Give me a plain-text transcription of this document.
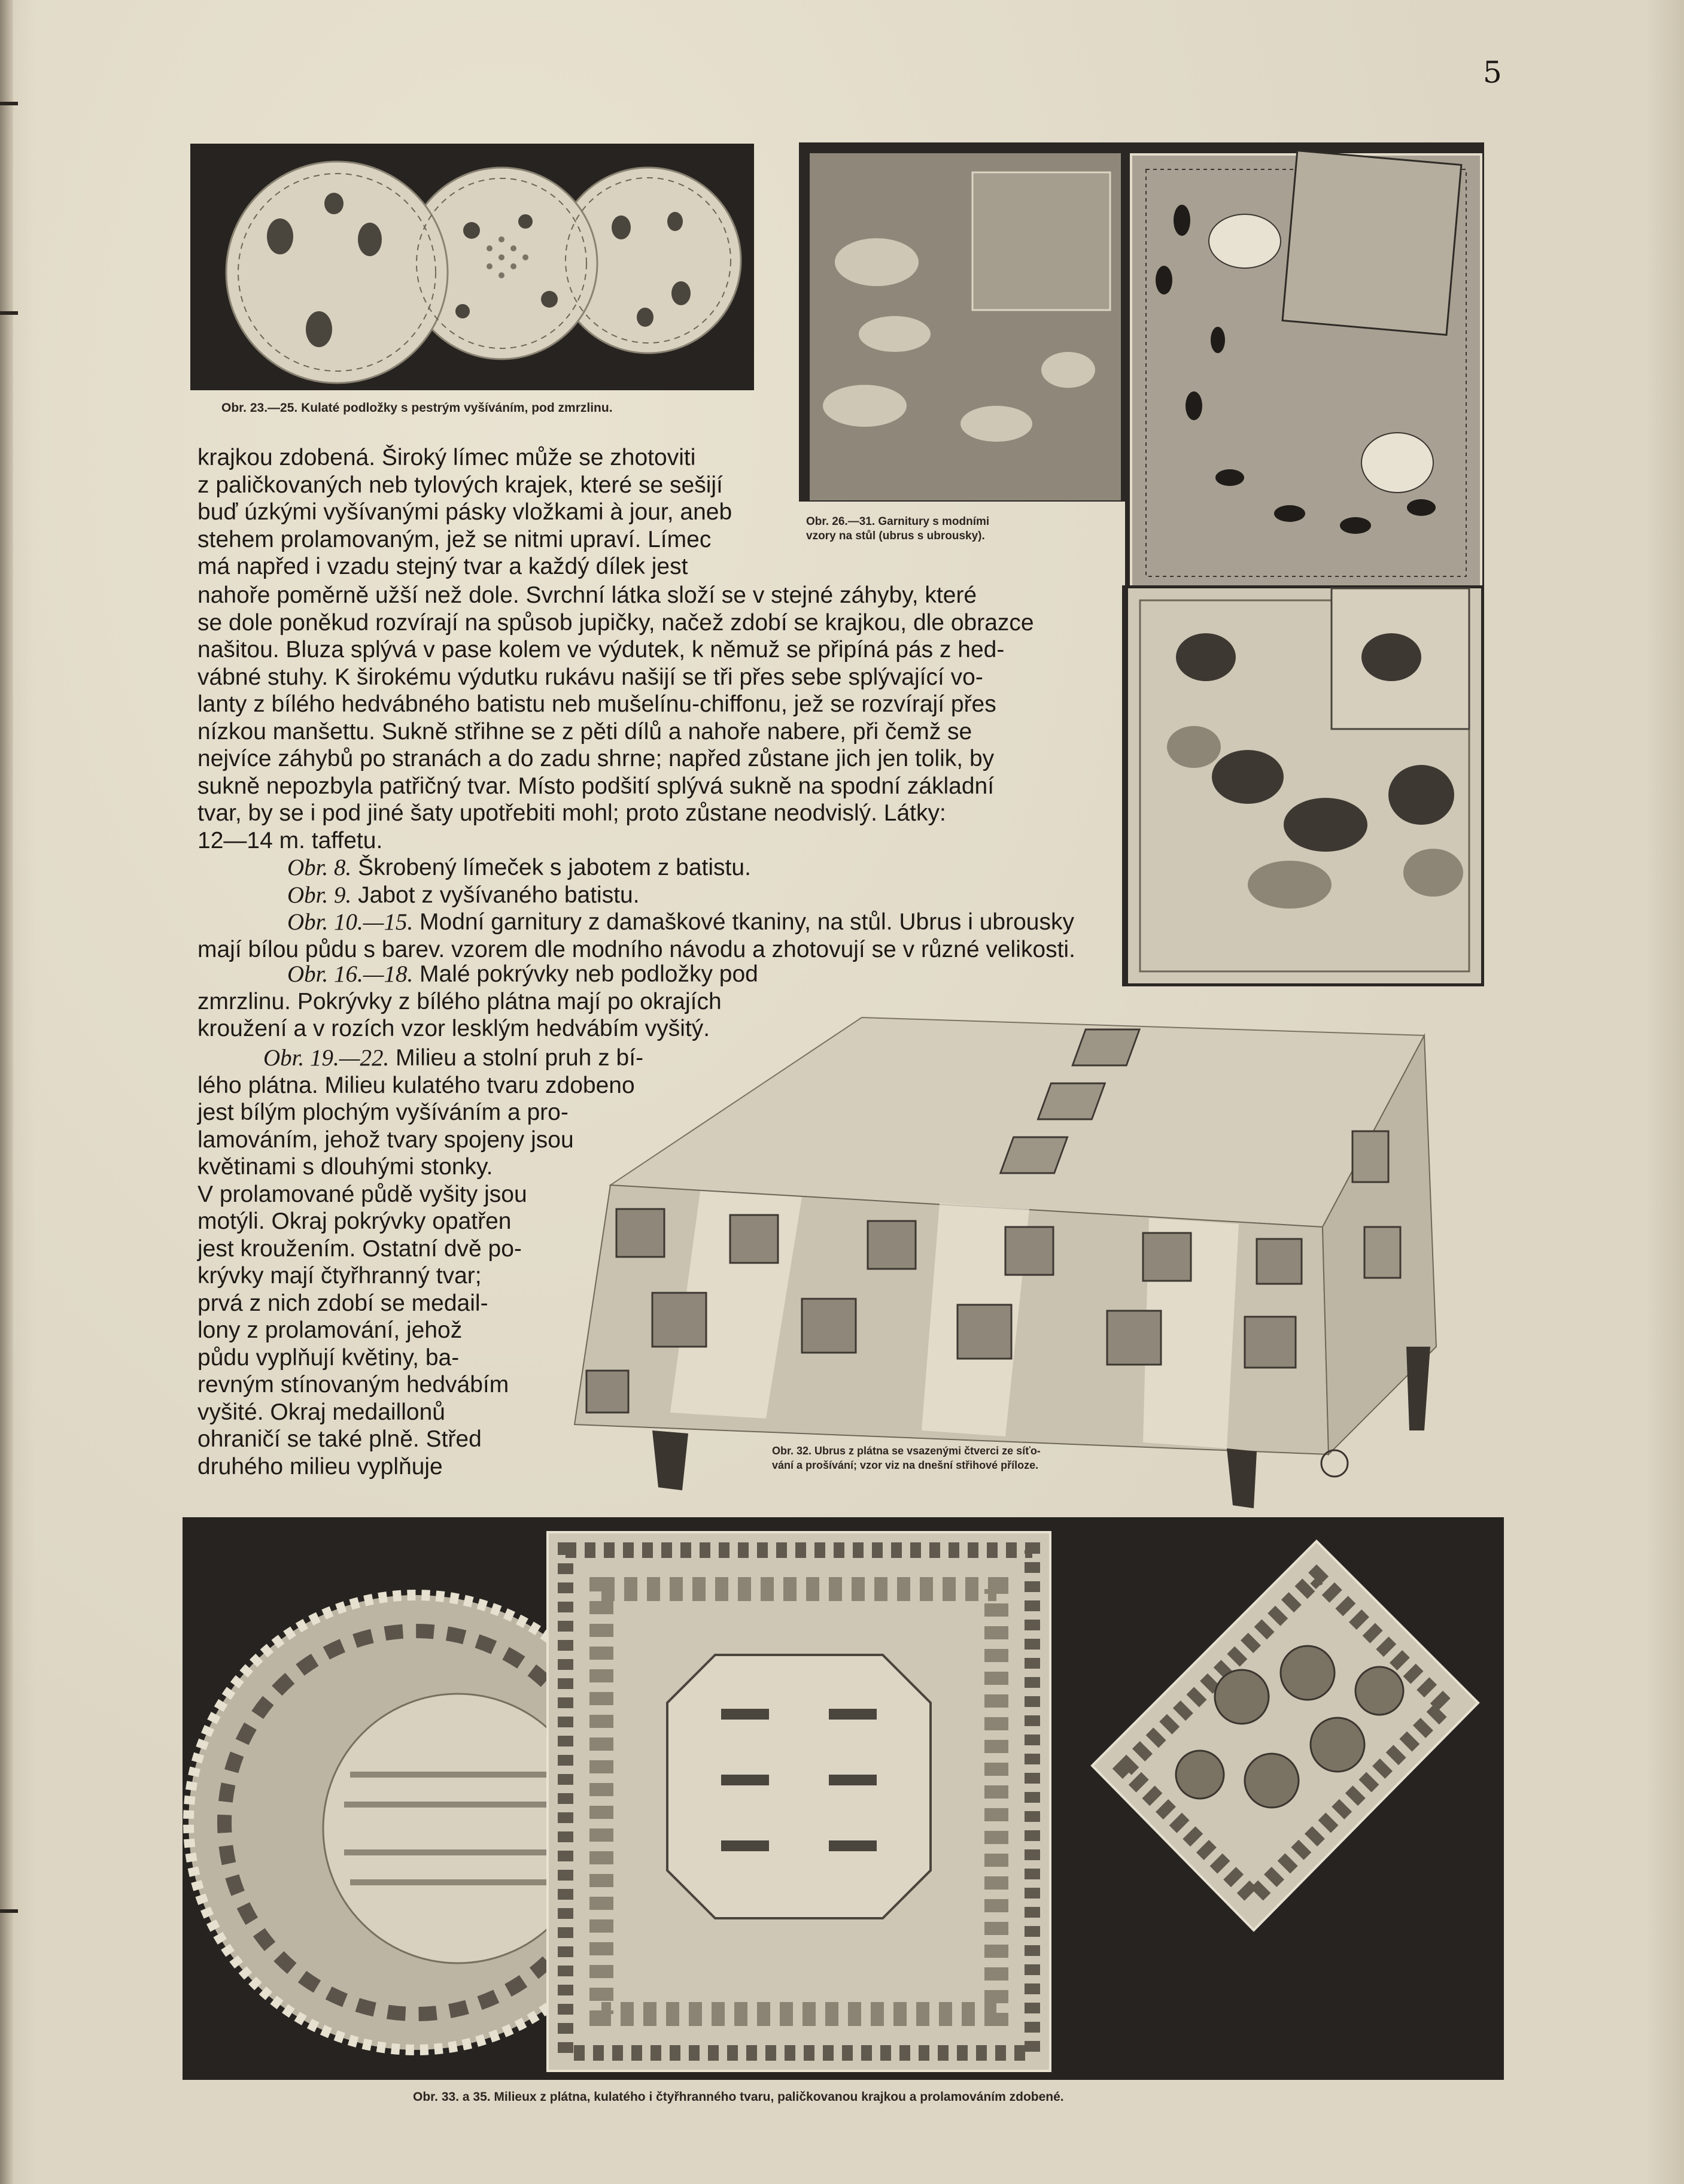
5
Obr. 23.—25. Kulaté podložky s pestrým vyšíváním, pod zmrzlinu.
Obr. 26.—31. Garnitury s modními
vzory na stůl (ubrus s ubrousky).

krajkou zdobená. Široký límec může se zhotoviti

z paličkovaných neb tylových krajek, které se sešijí

buď úzkými vyšívanými pásky vložkami à jour, aneb

stehem prolamovaným, jež se nitmi upraví. Límec

má napřed i vzadu stejný tvar a každý dílek jest

nahoře poměrně užší než dole. Svrchní látka složí se v stejné záhyby, které

se dole poněkud rozvírají na spůsob jupičky, načež zdobí se krajkou, dle obrazce

našitou. Bluza splývá v pase kolem ve výdutek, k němuž se připíná pás z hed-

vábné stuhy. K širokému výdutku rukávu našijí se tři přes sebe splývající vo-

lanty z bílého hedvábného batistu neb mušelínu-chiffonu, jež se rozvírají přes

nízkou manšettu. Sukně střihne se z pěti dílů a nahoře nabere, při čemž se

nejvíce záhybů po stranách a do zadu shrne; napřed zůstane jich jen tolik, by

sukně nepozbyla patřičný tvar. Místo podšití splývá sukně na spodní základní

tvar, by se i pod jiné šaty upotřebiti mohl; proto zůstane neodvislý. Látky:

12—14 m. taffetu.

Obr. 8. Škrobený límeček s jabotem z batistu.

Obr. 9. Jabot z vyšívaného batistu.

Obr. 10.—15. Modní garnitury z damaškové tkaniny, na stůl. Ubrus i ubrousky

mají bílou půdu s barev. vzorem dle modního návodu a zhotovují se v různé velikosti.

Obr. 16.—18. Malé pokrývky neb podložky pod

zmrzlinu. Pokrývky z bílého plátna mají po okrajích

kroužení a v rozích vzor lesklým hedvábím vyšitý.

Obr. 19.—22. Milieu a stolní pruh z bí-

lého plátna. Milieu kulatého tvaru zdobeno

jest bílým plochým vyšíváním a pro-

lamováním, jehož tvary spojeny jsou

květinami s dlouhými stonky.

V prolamované půdě vyšity jsou

motýli. Okraj pokrývky opatřen

jest kroužením. Ostatní dvě po-

krývky mají čtyřhranný tvar;

prvá z nich zdobí se medail-

lony z prolamování, jehož

půdu vyplňují květiny, ba-

revným stínovaným hedvábím

vyšité. Okraj medaillonů

ohraničí se také plně. Střed

druhého milieu vyplňuje

Obr. 32. Ubrus z plátna se vsazenými čtverci ze síťo-
vání a prošívání; vzor viz na dnešní střihové příloze.
Obr. 33. a 35. Milieux z plátna, kulatého i čtyřhranného tvaru, paličkovanou krajkou a prolamováním zdobené.
